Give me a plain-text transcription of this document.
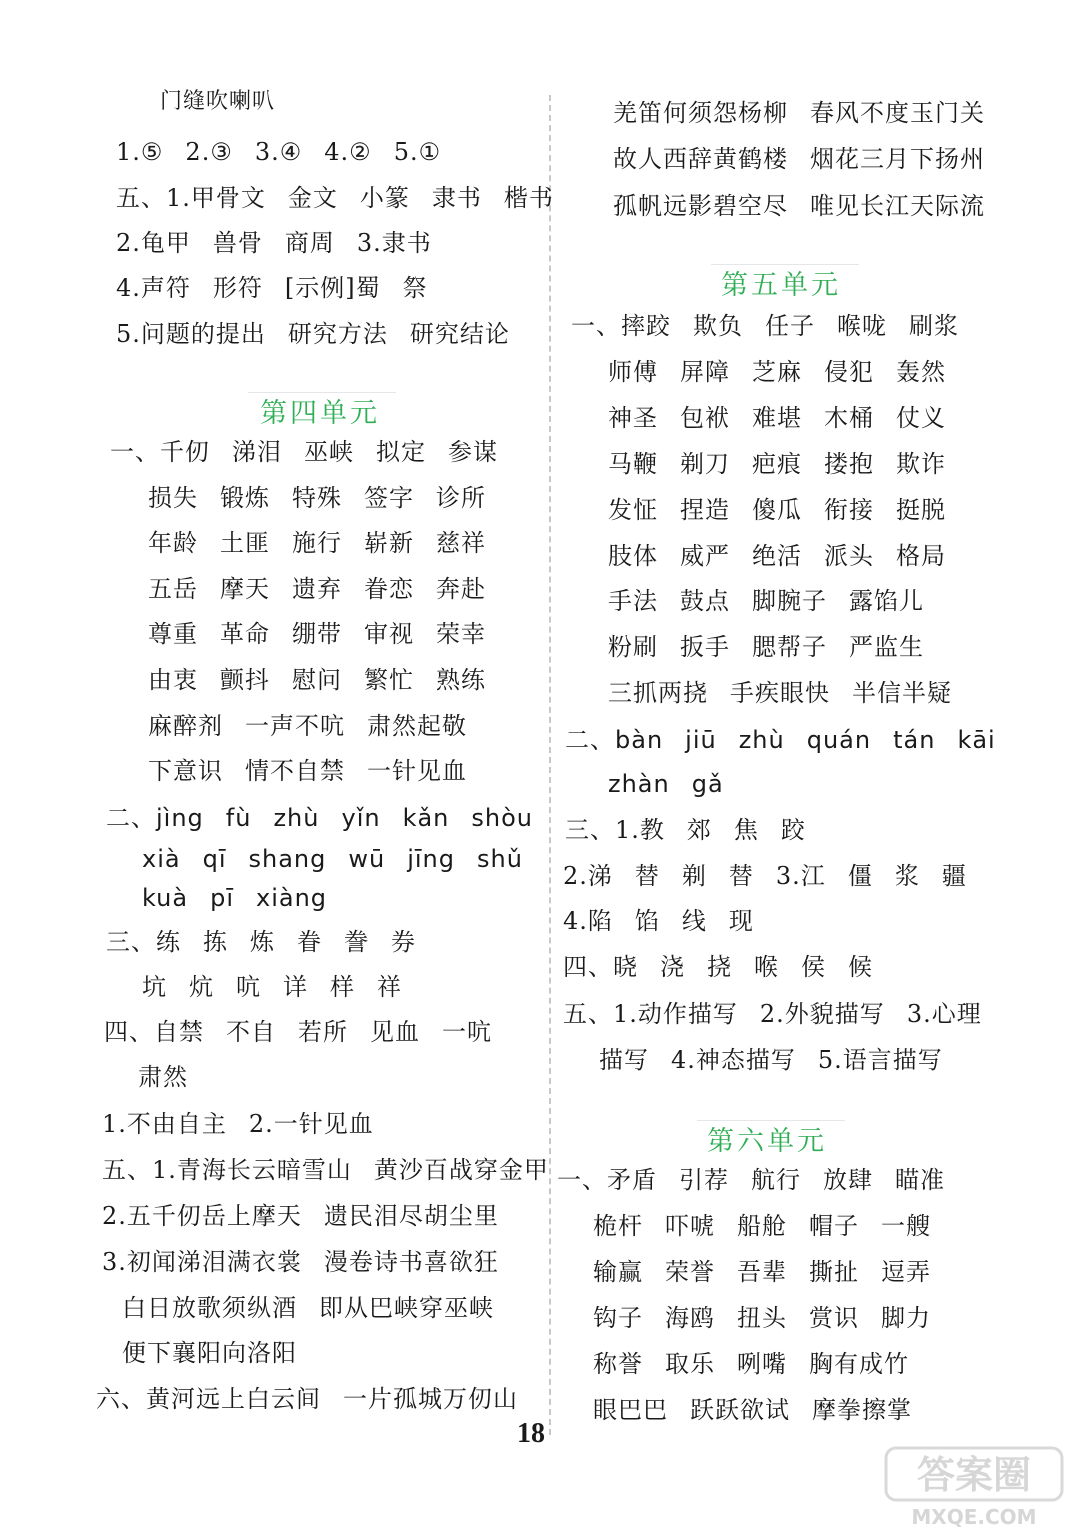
门缝吹喇叭
1.⑤ 2.③ 3.④ 4.② 5.①
五、1.甲骨文 金文 小篆 隶书 楷书
2.龟甲 兽骨 商周 3.隶书
4.声符 形符 [示例]蜀 祭
5.问题的提出 研究方法 研究结论
第四单元
一、千仞 涕泪 巫峡 拟定 参谋
损失 锻炼 特殊 签字 诊所
年龄 土匪 施行 崭新 慈祥
五岳 摩天 遗弃 眷恋 奔赴
尊重 革命 绷带 审视 荣幸
由衷 颤抖 慰问 繁忙 熟练
麻醉剂 一声不吭 肃然起敬
下意识 情不自禁 一针见血
二、jìng fù zhù yǐn kǎn shòu
xià qī shang wū jīng shǔ
kuà pī xiàng
三、练 拣 炼 眷 誊 券
坑 炕 吭 详 样 祥
四、自禁 不自 若所 见血 一吭
肃然
1.不由自主 2.一针见血
五、1.青海长云暗雪山 黄沙百战穿金甲
2.五千仞岳上摩天 遗民泪尽胡尘里
3.初闻涕泪满衣裳 漫卷诗书喜欲狂
白日放歌须纵酒 即从巴峡穿巫峡
便下襄阳向洛阳
六、黄河远上白云间 一片孤城万仞山
羌笛何须怨杨柳 春风不度玉门关
故人西辞黄鹤楼 烟花三月下扬州
孤帆远影碧空尽 唯见长江天际流
第五单元
一、摔跤 欺负 任子 喉咙 刷浆
师傅 屏障 芝麻 侵犯 轰然
神圣 包袱 难堪 木桶 仗义
马鞭 剃刀 疤痕 搂抱 欺诈
发怔 捏造 傻瓜 衔接 挺脱
肢体 威严 绝活 派头 格局
手法 鼓点 脚腕子 露馅儿
粉刷 扳手 腮帮子 严监生
三抓两挠 手疾眼快 半信半疑
二、bàn jiū zhù quán tán kāi
zhàn gǎ
三、1.教 郊 焦 跤
2.涕 替 剃 替 3.江 僵 浆 疆
4.陷 馅 线 现
四、晓 浇 挠 喉 侯 候
五、1.动作描写 2.外貌描写 3.心理
描写 4.神态描写 5.语言描写
第六单元
一、矛盾 引荐 航行 放肆 瞄准
桅杆 吓唬 船舱 帽子 一艘
输赢 荣誉 吾辈 撕扯 逗弄
钩子 海鸥 扭头 赏识 脚力
称誉 取乐 咧嘴 胸有成竹
眼巴巴 跃跃欲试 摩拳擦掌
18
答案圈
MXQE.COM
